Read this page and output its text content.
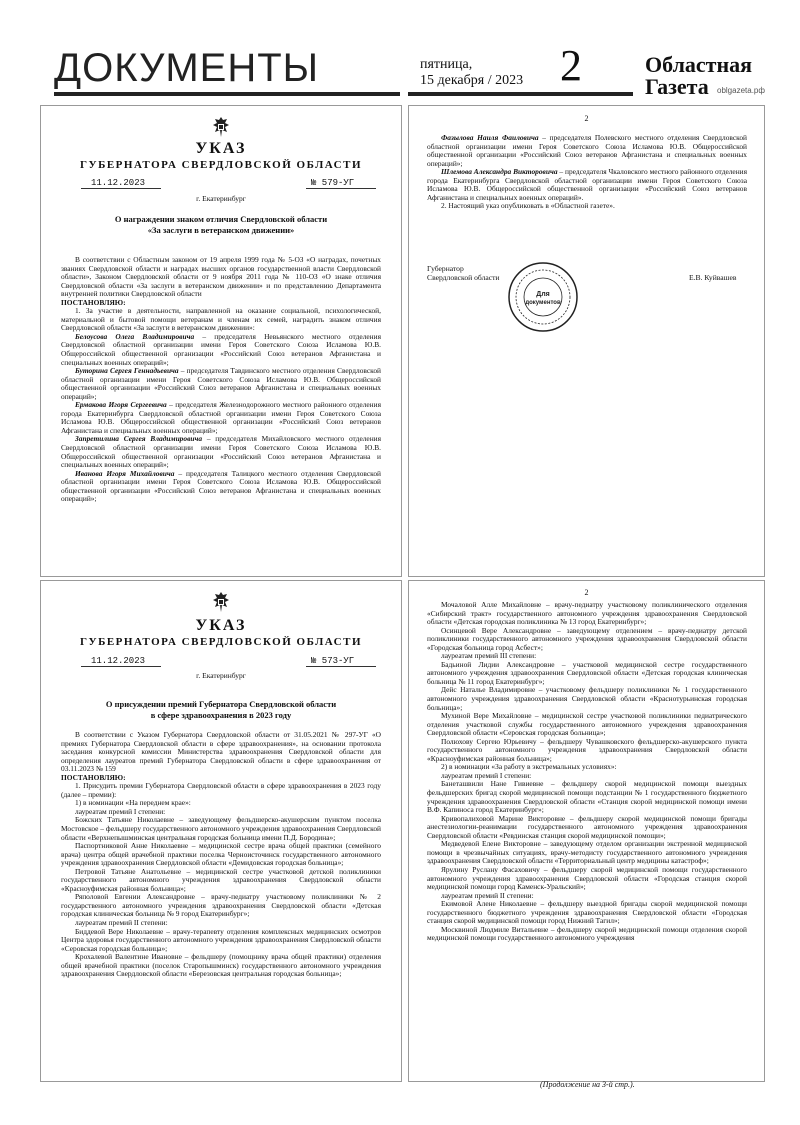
ДОКУМЕНТЫ	пятница,
15 декабря / 2023 2	Областная
Газета	oblgazeta.рф
УКАЗ
ГУБЕРНАТОРА СВЕРДЛОВСКОЙ ОБЛАСТИ
11.12.2023	№ 579-УГ
г. Екатеринбург
О награждении знаком отличия Свердловской области
«За заслуги в ветеранском движении»

В соответствии с Областным законом от 19 апреля 1999 года № 5-ОЗ «О наградах, почетных званиях Свердловской области и наградах высших органов государственной власти Свердловской области», Законом Свердловской области от 9 ноября 2011 года № 110-ОЗ «О знаке отличия Свердловской области «За заслуги в ветеранском движении» и по представлению Департамента внутренней политики Свердловской области

ПОСТАНОВЛЯЮ:

1. За участие в деятельности, направленной на оказание социальной, психологической, материальной и бытовой помощи ветеранам и членам их семей, наградить знаком отличия Свердловской области «За заслуги в ветеранском движении»:

Белоусова Олега Владимировича – председателя Невьянского местного отделения Свердловской областной организации имени Героя Советского Союза Исламова Ю.В. Общероссийской общественной организации «Российский Союз ветеранов Афганистана и специальных военных операций»;

Буторина Сергея Геннадьевича – председателя Тавдинского местного отделения Свердловской областной организации имени Героя Советского Союза Исламова Ю.В. Общероссийской общественной организации «Российский Союз ветеранов Афганистана и специальных военных операций»;

Ермакова Игоря Сергеевича – председателя Железнодорожного местного районного отделения города Екатеринбурга Свердловской областной организации имени Героя Советского Союза Исламова Ю.В. Общероссийской общественной организации «Российский Союз ветеранов Афганистана и специальных военных операций»;

Запретилина Сергея Владимировича – председателя Михайловского местного отделения Свердловской областной организации имени Героя Советского Союза Исламова Ю.В. Общероссийской общественной организации «Российский Союз ветеранов Афганистана и специальных военных операций»;

Иванова Игоря Михайловича – председателя Талицкого местного отделения Свердловской областной организации имени Героя Советского Союза Исламова Ю.В. Общероссийской общественной организации «Российский Союз ветеранов Афганистана и специальных военных операций»;

2

Фазылова Наиля Фаиловича – председателя Полевского местного отделения Свердловской областной организации имени Героя Советского Союза Исламова Ю.В. Общероссийской общественной организации «Российский Союз ветеранов Афганистана и специальных военных операций»;

Шлемова Александра Викторовича – председателя Чкаловского местного районного отделения города Екатеринбурга Свердловской областной организации имени Героя Советского Союза Исламова Ю.В. Общероссийской общественной организации «Российский Союз ветеранов Афганистана и специальных военных операций».

2. Настоящий указ опубликовать в «Областной газете».

Губернатор
Свердловской области	Е.В. Куйвашев
Для
документов
УКАЗ
ГУБЕРНАТОРА СВЕРДЛОВСКОЙ ОБЛАСТИ
11.12.2023	№ 573-УГ
г. Екатеринбург
О присуждении премий Губернатора Свердловской области
в сфере здравоохранения в 2023 году

В соответствии с Указом Губернатора Свердловской области от 31.05.2021 № 297-УГ «О премиях Губернатора Свердловской области в сфере здравоохранения», на основании протокола заседания конкурсной комиссии Министерства здравоохранения Свердловской области для определения лауреатов премий Губернатора Свердловской области в сфере здравоохранения от 03.11.2023 № 159

ПОСТАНОВЛЯЮ:

1. Присудить премии Губернатора Свердловской области в сфере здравоохранения в 2023 году (далее – премии):

1) в номинации «На переднем крае»:

лауреатам премий I степени:

Божских Татьяне Николаевне – заведующему фельдшерско-акушерским пунктом поселка Мостовское – фельдшеру государственного автономного учреждения здравоохранения Свердловской области «Верхнепышминская центральная городская больница имени П.Д. Бородина»;

Паспортниковой Анне Николаевне – медицинской сестре врача общей практики (семейного врача) центра общей врачебной практики поселка Черноисточинск государственного автономного учреждения здравоохранения Свердловской области «Демидовская городская больница»;

Петровой Татьяне Анатольевне – медицинской сестре участковой детской поликлиники государственного автономного учреждения здравоохранения Свердловской области «Красноуфимская районная больница»;

Ряполовой Евгении Александровне – врачу-педиатру участковому поликлиники № 2 государственного автономного учреждения здравоохранения Свердловской области «Детская городская клиническая больница № 9 город Екатеринбург»;

лауреатам премий II степени:

Биддевой Вере Николаевне – врачу-терапевту отделения комплексных медицинских осмотров Центра здоровья государственного автономного учреждения здравоохранения Свердловской области «Серовская городская больница»;

Крохалевой Валентине Ивановне – фельдшеру (помощнику врача общей практики) отделения общей врачебной практики (поселок Старопышминск) государственного автономного учреждения здравоохранения Свердловской области «Березовская центральная городская больница»;

2

Мочаловой Алле Михайловне – врачу-педиатру участковому поликлинического отделения «Сибирский тракт» государственного автономного учреждения здравоохранения Свердловской области «Детская городская поликлиника № 13 город Екатеринбург»;

Осинцевой Вере Александровне – заведующему отделением – врачу-педиатру детской поликлиники государственного автономного учреждения здравоохранения Свердловской области «Городская больница город Асбест»;

лауреатам премий III степени:

Бадьиной Лидии Александровне – участковой медицинской сестре государственного автономного учреждения здравоохранения Свердловской области «Детская городская клиническая больница № 11 город Екатеринбург»;

Дейс Наталье Владимировне – участковому фельдшеру поликлиники № 1 государственного автономного учреждения здравоохранения Свердловской области «Краснотурьинская городская больница»;

Мухиной Вере Михайловне – медицинской сестре участковой поликлиники педиатрического отделения участковой службы государственного автономного учреждения здравоохранения Свердловской области «Серовская городская больница»;

Полюхову Сергею Юрьевичу – фельдшеру Чувашковского фельдшерско-акушерского пункта государственного автономного учреждения здравоохранения Свердловской области «Красноуфимская районная больница»;

2) в номинации «За работу в экстремальных условиях»:

лауреатам премий I степени:

Банеташвили Нане Гивиевне – фельдшеру скорой медицинской помощи выездных фельдшерских бригад скорой медицинской помощи подстанции № 1 государственного бюджетного учреждения здравоохранения Свердловской области «Станция скорой медицинской помощи имени В.Ф. Капиноса город Екатеринбург»;

Кривопалиховой Марине Викторовне – фельдшеру скорой медицинской помощи бригады анестезиологии-реанимации государственного автономного учреждения здравоохранения Свердловской области «Ревдинская станция скорой медицинской помощи»;

Медведевой Елене Викторовне – заведующему отделом организации экстренной медицинской помощи в чрезвычайных ситуациях, врачу-методисту государственного автономного учреждения здравоохранения Свердловской области «Территориальный центр медицины катастроф»;

Ярулину Руслану Фасаховичу – фельдшеру скорой медицинской помощи государственного автономного учреждения здравоохранения Свердловской области «Городская станция скорой медицинской помощи город Каменск-Уральский»;

лауреатам премий II степени:

Екимовой Алене Николаевне – фельдшеру выездной бригады скорой медицинской помощи государственного бюджетного учреждения здравоохранения Свердловской области «Городская станция скорой медицинской помощи город Нижний Тагил»;

Москвиной Людмиле Витальевне – фельдшеру скорой медицинской помощи отделения скорой медицинской помощи государственного автономного учреждения

(Продолжение на 3-й стр.).
